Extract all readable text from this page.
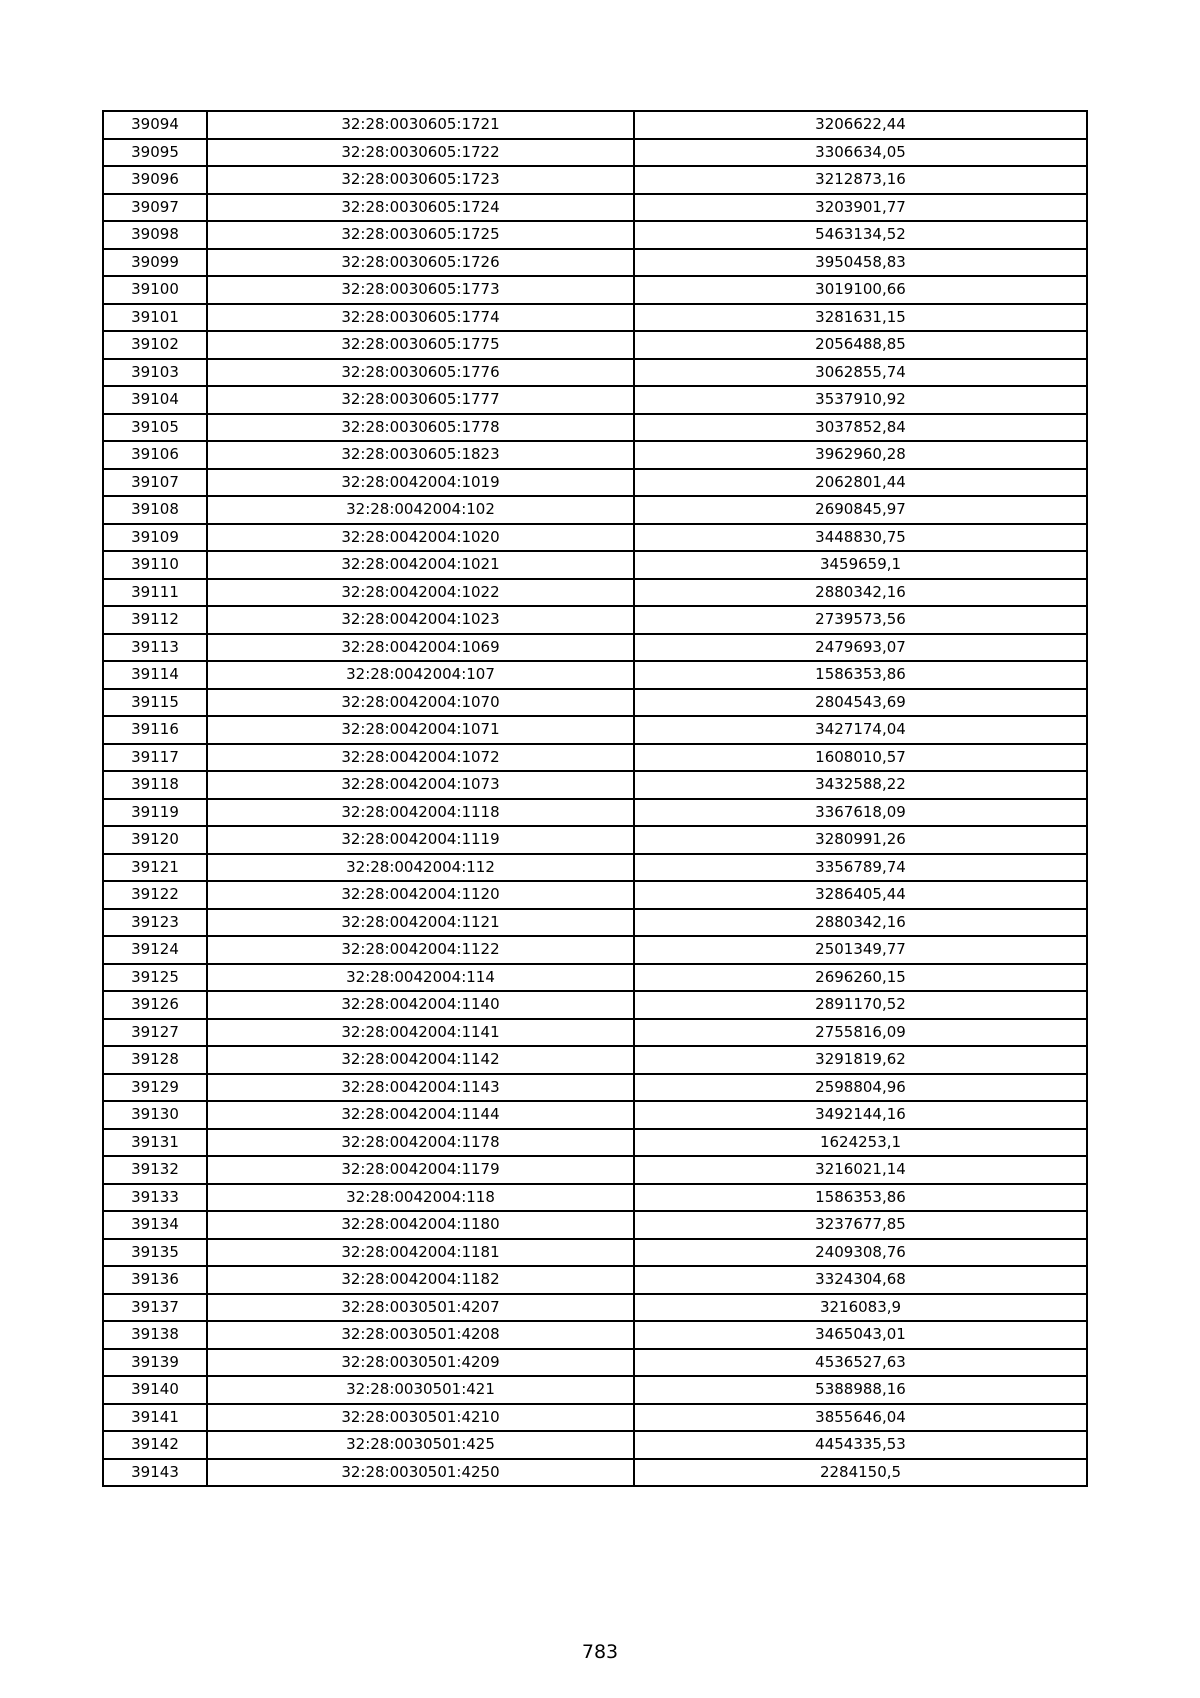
39094	32:28:0030605:1721	3206622,44
39095	32:28:0030605:1722	3306634,05
39096	32:28:0030605:1723	3212873,16
39097	32:28:0030605:1724	3203901,77
39098	32:28:0030605:1725	5463134,52
39099	32:28:0030605:1726	3950458,83
39100	32:28:0030605:1773	3019100,66
39101	32:28:0030605:1774	3281631,15
39102	32:28:0030605:1775	2056488,85
39103	32:28:0030605:1776	3062855,74
39104	32:28:0030605:1777	3537910,92
39105	32:28:0030605:1778	3037852,84
39106	32:28:0030605:1823	3962960,28
39107	32:28:0042004:1019	2062801,44
39108	32:28:0042004:102	2690845,97
39109	32:28:0042004:1020	3448830,75
39110	32:28:0042004:1021	3459659,1
39111	32:28:0042004:1022	2880342,16
39112	32:28:0042004:1023	2739573,56
39113	32:28:0042004:1069	2479693,07
39114	32:28:0042004:107	1586353,86
39115	32:28:0042004:1070	2804543,69
39116	32:28:0042004:1071	3427174,04
39117	32:28:0042004:1072	1608010,57
39118	32:28:0042004:1073	3432588,22
39119	32:28:0042004:1118	3367618,09
39120	32:28:0042004:1119	3280991,26
39121	32:28:0042004:112	3356789,74
39122	32:28:0042004:1120	3286405,44
39123	32:28:0042004:1121	2880342,16
39124	32:28:0042004:1122	2501349,77
39125	32:28:0042004:114	2696260,15
39126	32:28:0042004:1140	2891170,52
39127	32:28:0042004:1141	2755816,09
39128	32:28:0042004:1142	3291819,62
39129	32:28:0042004:1143	2598804,96
39130	32:28:0042004:1144	3492144,16
39131	32:28:0042004:1178	1624253,1
39132	32:28:0042004:1179	3216021,14
39133	32:28:0042004:118	1586353,86
39134	32:28:0042004:1180	3237677,85
39135	32:28:0042004:1181	2409308,76
39136	32:28:0042004:1182	3324304,68
39137	32:28:0030501:4207	3216083,9
39138	32:28:0030501:4208	3465043,01
39139	32:28:0030501:4209	4536527,63
39140	32:28:0030501:421	5388988,16
39141	32:28:0030501:4210	3855646,04
39142	32:28:0030501:425	4454335,53
39143	32:28:0030501:4250	2284150,5
783
